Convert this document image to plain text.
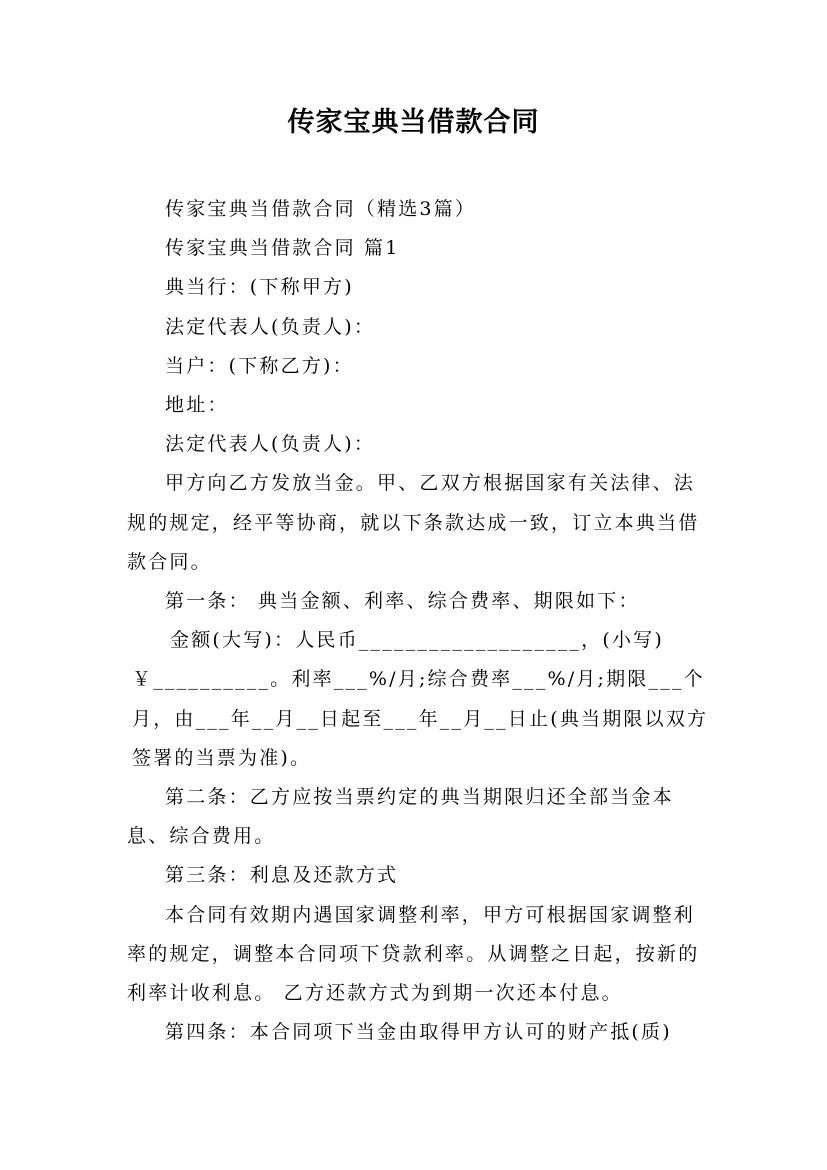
传家宝典当借款合同

传家宝典当借款合同（精选3篇）

传家宝典当借款合同 篇1

典当行：(下称甲方)

法定代表人(负责人)：

当户：(下称乙方)：

地址：

法定代表人(负责人)：

甲方向乙方发放当金。甲、乙双方根据国家有关法律、法规的规定，经平等协商，就以下条款达成一致，订立本典当借款合同。

第一条： 典当金额、利率、综合费率、期限如下：

金额(大写)：人民币___________________，(小写)￥__________。利率___%/月;综合费率___%/月;期限___个月，由___年__月__日起至___年__月__日止(典当期限以双方签署的当票为准)。

第二条：乙方应按当票约定的典当期限归还全部当金本息、综合费用。

第三条：利息及还款方式

本合同有效期内遇国家调整利率，甲方可根据国家调整利率的规定，调整本合同项下贷款利率。从调整之日起，按新的利率计收利息。 乙方还款方式为到期一次还本付息。

第四条：本合同项下当金由取得甲方认可的财产抵(质)
